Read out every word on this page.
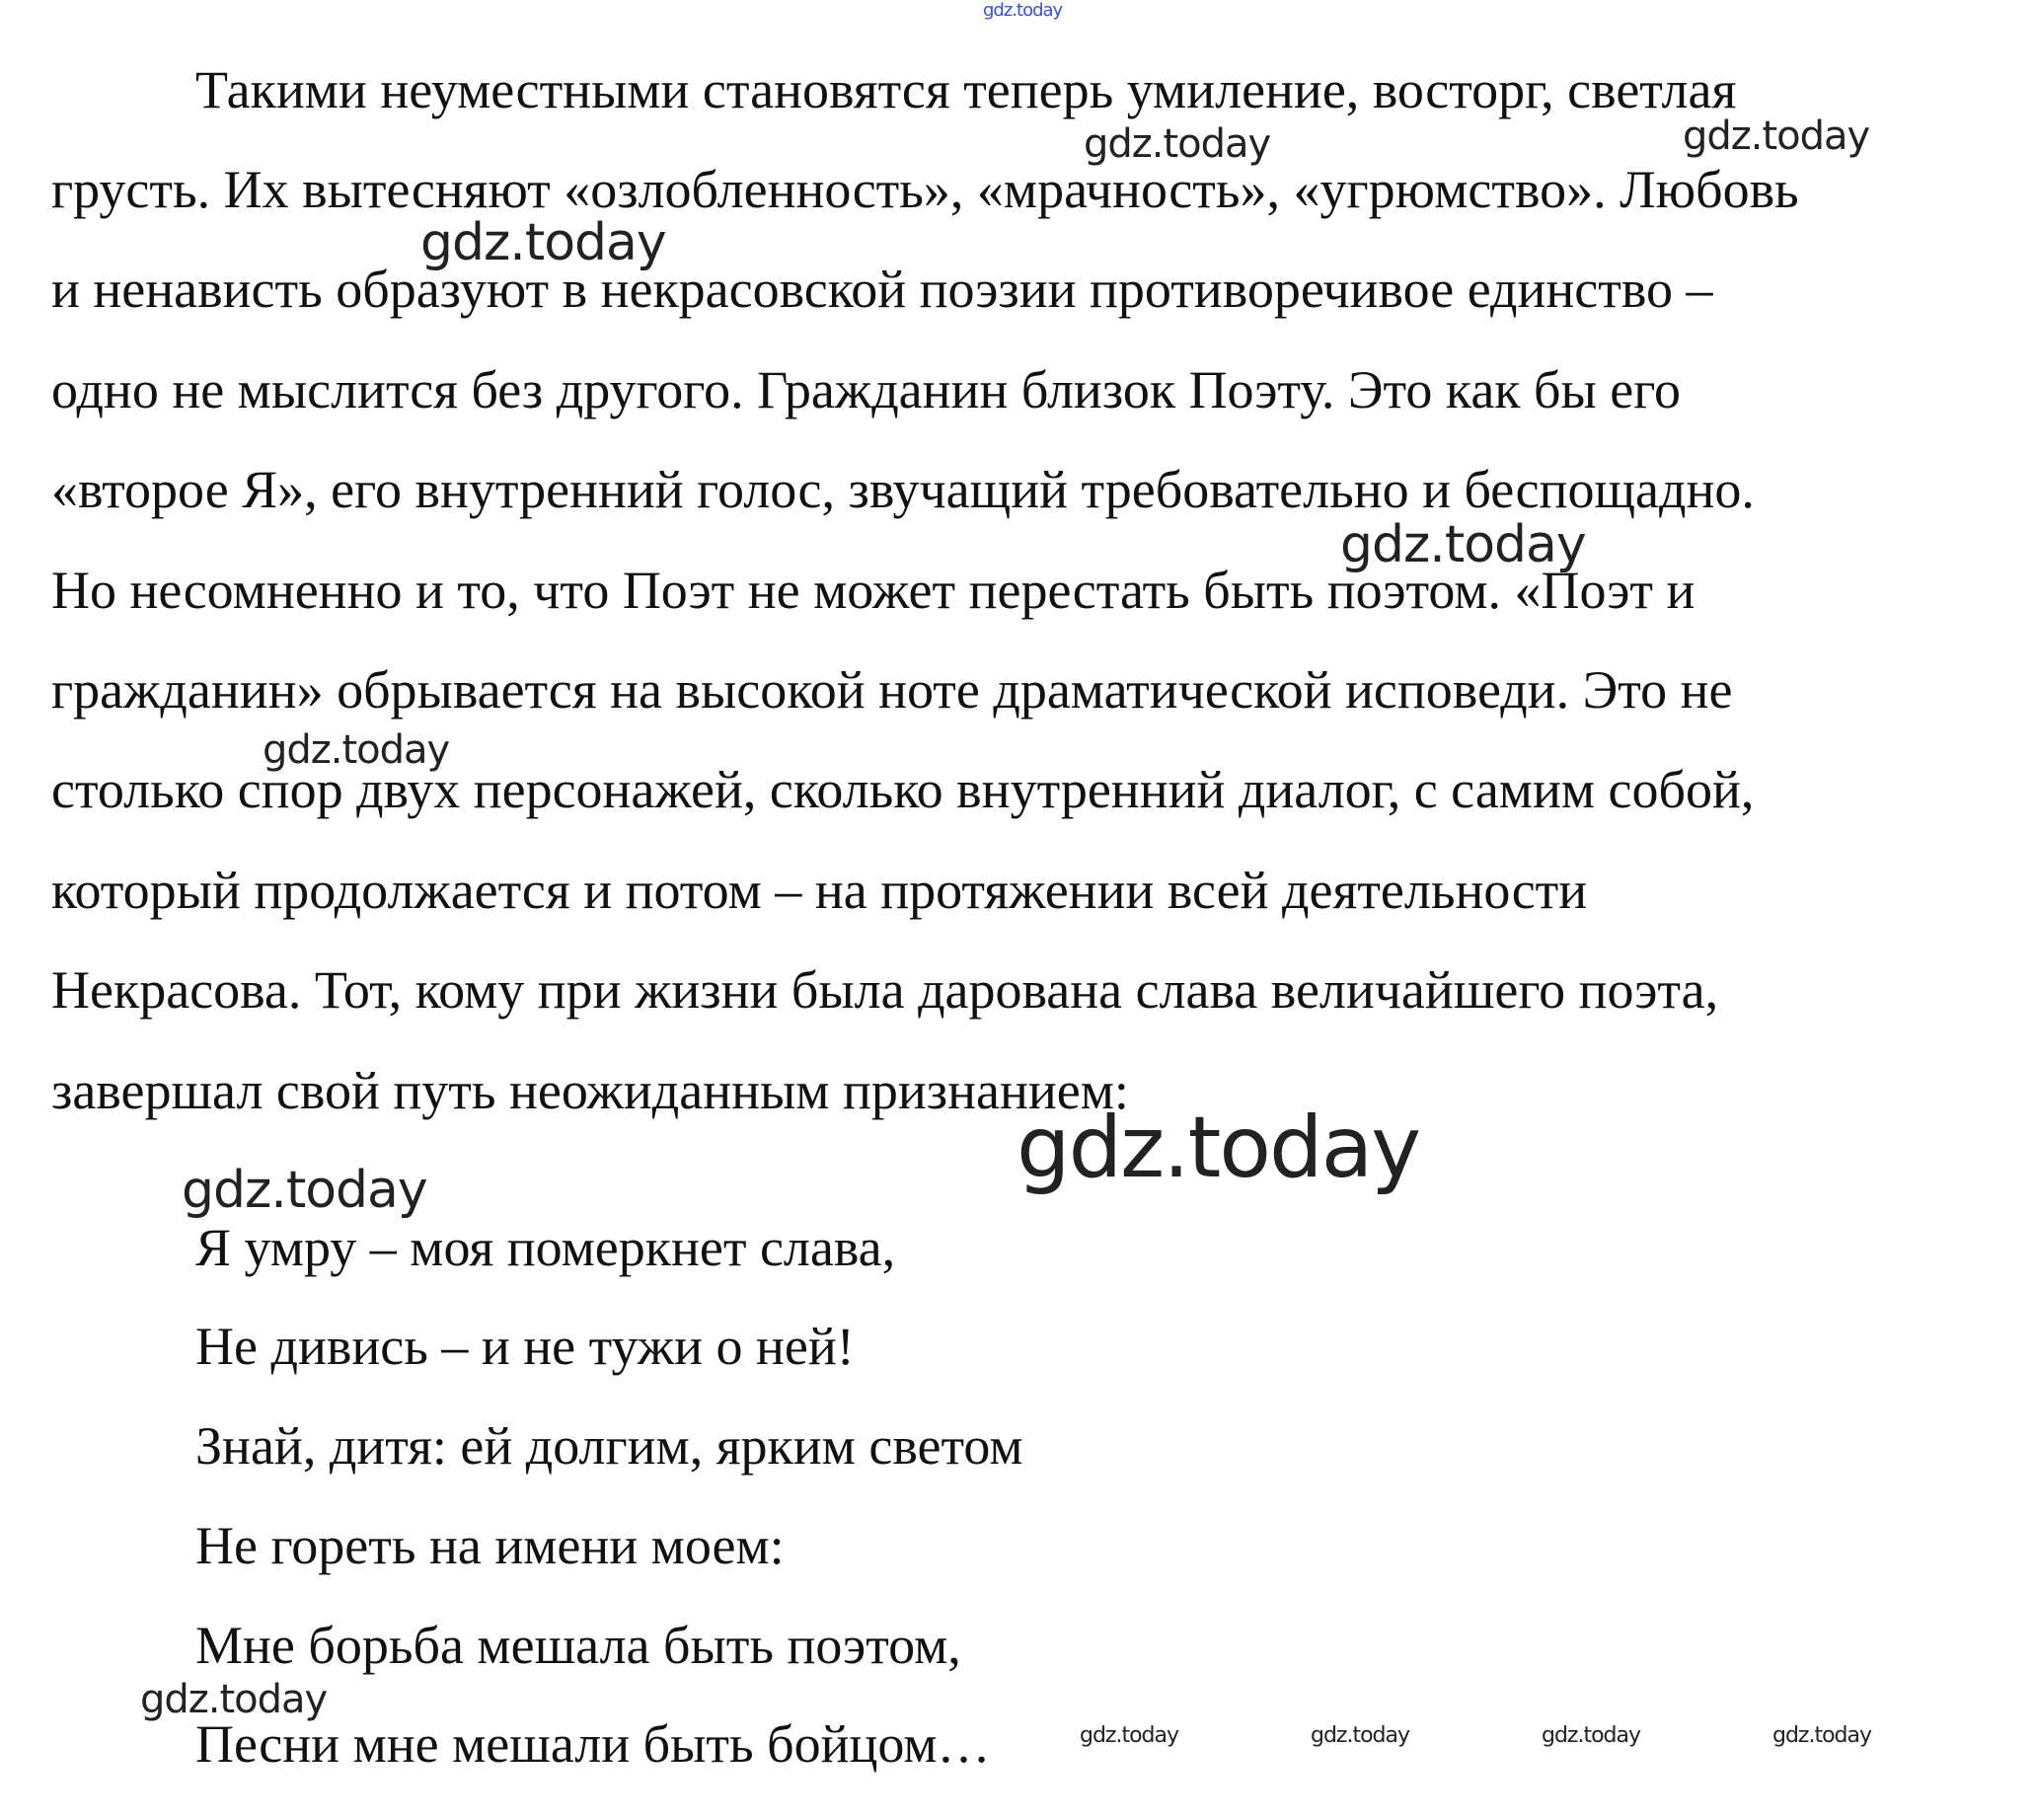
Такими неуместными становятся теперь умиление, восторг, светлая
грусть. Их вытесняют «озлобленность», «мрачность», «угрюмство». Любовь
и ненависть образуют в некрасовской поэзии противоречивое единство –
одно не мыслится без другого. Гражданин близок Поэту. Это как бы его
«второе Я», его внутренний голос, звучащий требовательно и беспощадно.
Но несомненно и то, что Поэт не может перестать быть поэтом. «Поэт и
гражданин» обрывается на высокой ноте драматической исповеди. Это не
столько спор двух персонажей, сколько внутренний диалог, с самим собой,
который продолжается и потом – на протяжении всей деятельности
Некрасова. Тот, кому при жизни была дарована слава величайшего поэта,
завершал свой путь неожиданным признанием:
Я умру – моя померкнет слава,
Не дивись – и не тужи о ней!
Знай, дитя: ей долгим, ярким светом
Не гореть на имени моем:
Мне борьба мешала быть поэтом,
Песни мне мешали быть бойцом…
gdz.today
gdz.today	gdz.today
gdz.today
gdz.today
gdz.today
gdz.today
gdz.today
gdz.today
gdz.today	gdz.today	gdz.today	gdz.today
